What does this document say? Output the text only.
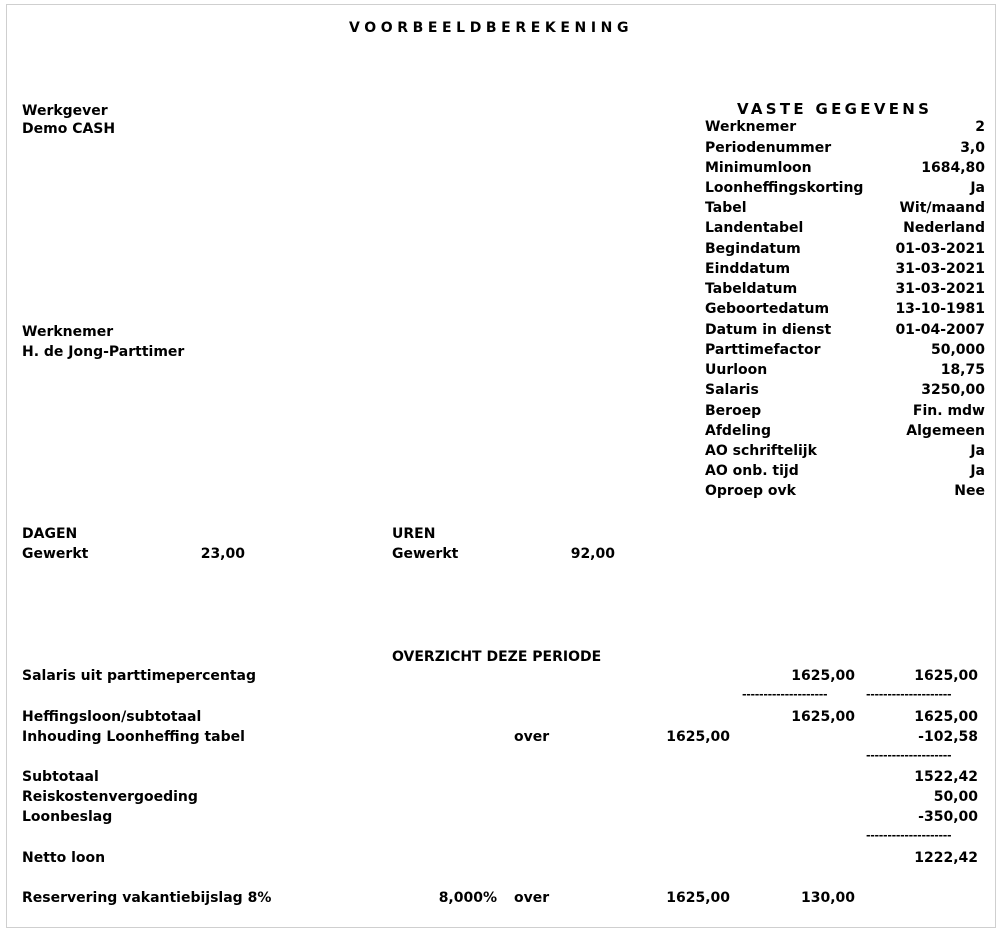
VOORBEELDBEREKENING
Werkgever
Demo CASH
Werknemer
H. de Jong-Parttimer
VASTE GEGEVENS
Werknemer	2
Periodenummer	3,0
Minimumloon	1684,80
Loonheffingskorting	Ja
Tabel	Wit/maand
Landentabel	Nederland
Begindatum	01-03-2021
Einddatum	31-03-2021
Tabeldatum	31-03-2021
Geboortedatum	13-10-1981
Datum in dienst	01-04-2007
Parttimefactor	50,000
Uurloon	18,75
Salaris	3250,00
Beroep	Fin. mdw
Afdeling	Algemeen
AO schriftelijk	Ja
AO onb. tijd	Ja
Oproep ovk	Nee
DAGEN
Gewerkt	23,00
UREN
Gewerkt	92,00
OVERZICHT DEZE PERIODE
Salaris uit parttimepercentag	1625,00	1625,00
--------------------	--------------------
Heffingsloon/subtotaal	1625,00	1625,00
Inhouding Loonheffing tabel	over	1625,00	-102,58
--------------------
Subtotaal	1522,42
Reiskostenvergoeding	50,00
Loonbeslag	-350,00
--------------------
Netto loon	1222,42
Reservering vakantiebijslag 8%	8,000% over	1625,00	130,00
